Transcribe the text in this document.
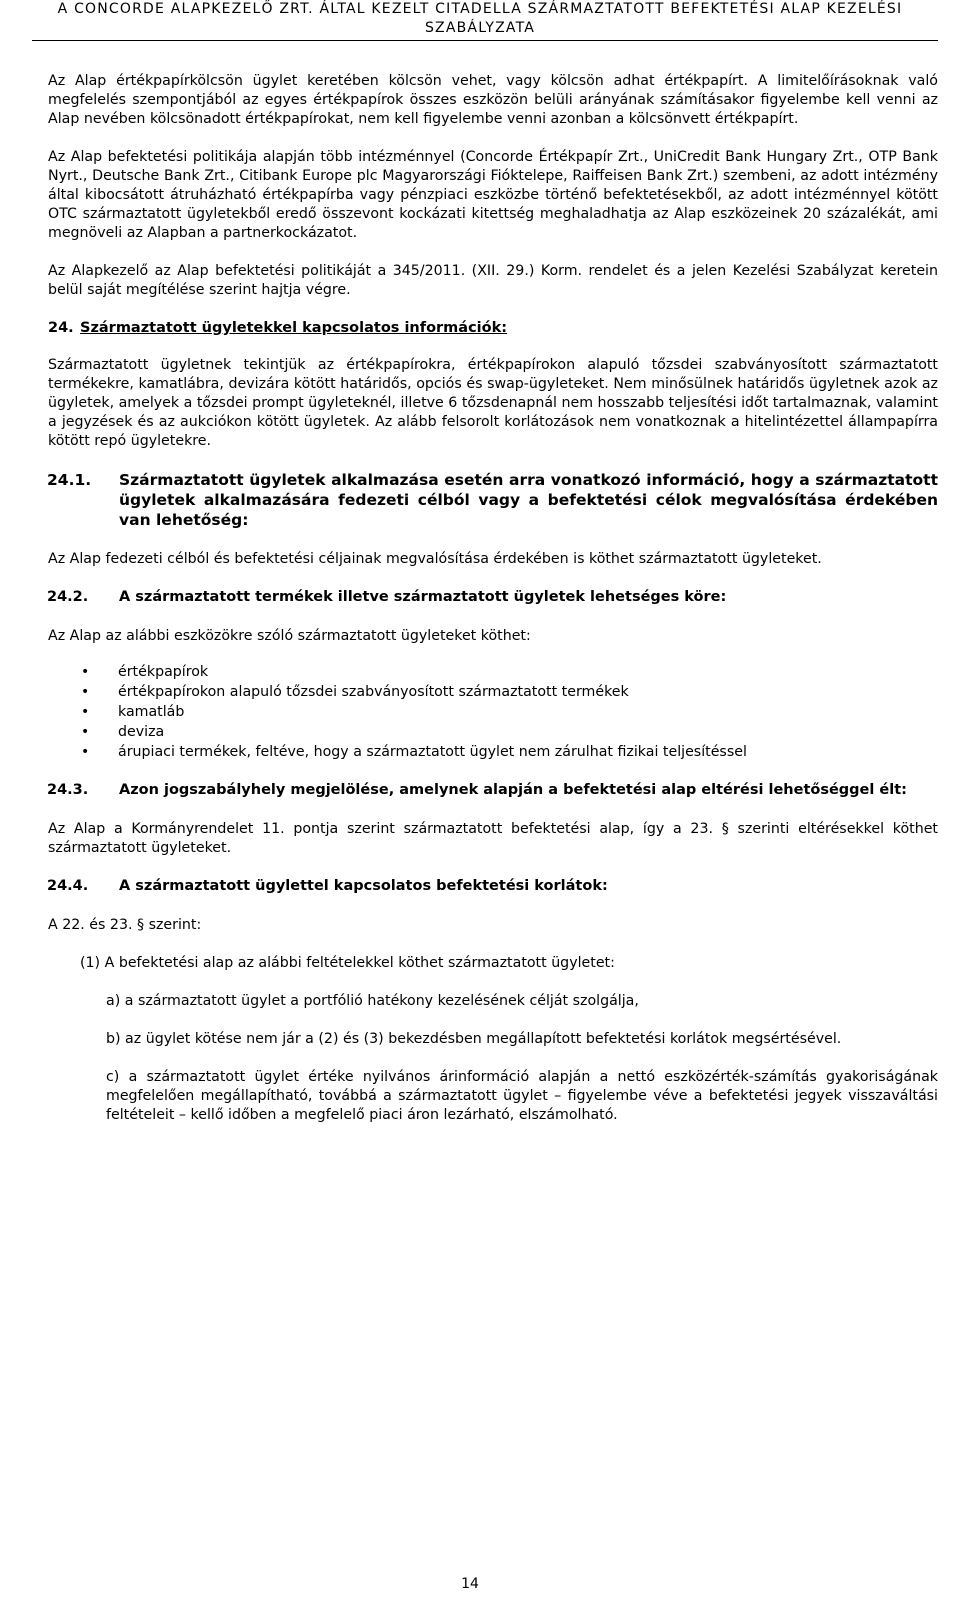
A CONCORDE ALAPKEZELŐ ZRT. ÁLTAL KEZELT CITADELLA SZÁRMAZTATOTT BEFEKTETÉSI ALAP KEZELÉSI
SZABÁLYZATA

Az Alap értékpapírkölcsön ügylet keretében kölcsön vehet, vagy kölcsön adhat értékpapírt. A limitelőírásoknak való megfelelés szempontjából az egyes értékpapírok összes eszközön belüli arányának számításakor figyelembe kell venni az Alap nevében kölcsönadott értékpapírokat, nem kell figyelembe venni azonban a kölcsönvett értékpapírt.

Az Alap befektetési politikája alapján több intézménnyel (Concorde Értékpapír Zrt., UniCredit Bank Hungary Zrt., OTP Bank Nyrt., Deutsche Bank Zrt., Citibank Europe plc Magyarországi Fióktelepe, Raiffeisen Bank Zrt.) szembeni, az adott intézmény által kibocsátott átruházható értékpapírba vagy pénzpiaci eszközbe történő befektetésekből, az adott intézménnyel kötött OTC származtatott ügyletekből eredő összevont kockázati kitettség meghaladhatja az Alap eszközeinek 20 százalékát, ami megnöveli az Alapban a partnerkockázatot.

Az Alapkezelő az Alap befektetési politikáját a 345/2011. (XII. 29.) Korm. rendelet és a jelen Kezelési Szabályzat keretein belül saját megítélése szerint hajtja végre.

24. Származtatott ügyletekkel kapcsolatos információk:

Származtatott ügyletnek tekintjük az értékpapírokra, értékpapírokon alapuló tőzsdei szabványosított származtatott termékekre, kamatlábra, devizára kötött határidős, opciós és swap-ügyleteket. Nem minősülnek határidős ügyletnek azok az ügyletek, amelyek a tőzsdei prompt ügyleteknél, illetve 6 tőzsdenapnál nem hosszabb teljesítési időt tartalmaznak, valamint a jegyzések és az aukciókon kötött ügyletek. Az alább felsorolt korlátozások nem vonatkoznak a hitelintézettel állampapírra kötött repó ügyletekre.

24.1.	Származtatott ügyletek alkalmazása esetén arra vonatkozó információ, hogy a származtatott ügyletek alkalmazására fedezeti célból vagy a befektetési célok megvalósítása érdekében van lehetőség:

Az Alap fedezeti célból és befektetési céljainak megvalósítása érdekében is köthet származtatott ügyleteket.

24.2.	A származtatott termékek illetve származtatott ügyletek lehetséges köre:

Az Alap az alábbi eszközökre szóló származtatott ügyleteket köthet:

• értékpapírok
• értékpapírokon alapuló tőzsdei szabványosított származtatott termékek
• kamatláb
• deviza
• árupiaci termékek, feltéve, hogy a származtatott ügylet nem zárulhat fizikai teljesítéssel
24.3.	Azon jogszabályhely megjelölése, amelynek alapján a befektetési alap eltérési lehetőséggel élt:

Az Alap a Kormányrendelet 11. pontja szerint származtatott befektetési alap, így a 23. § szerinti eltérésekkel köthet származtatott ügyleteket.

24.4.	A származtatott ügylettel kapcsolatos befektetési korlátok:

A 22. és 23. § szerint:

(1) A befektetési alap az alábbi feltételekkel köthet származtatott ügyletet:

a) a származtatott ügylet a portfólió hatékony kezelésének célját szolgálja,

b) az ügylet kötése nem jár a (2) és (3) bekezdésben megállapított befektetési korlátok megsértésével.

c) a származtatott ügylet értéke nyilvános árinformáció alapján a nettó eszközérték-számítás gyakoriságának megfelelően megállapítható, továbbá a származtatott ügylet – figyelembe véve a befektetési jegyek visszaváltási feltételeit – kellő időben a megfelelő piaci áron lezárható, elszámolható.

14
